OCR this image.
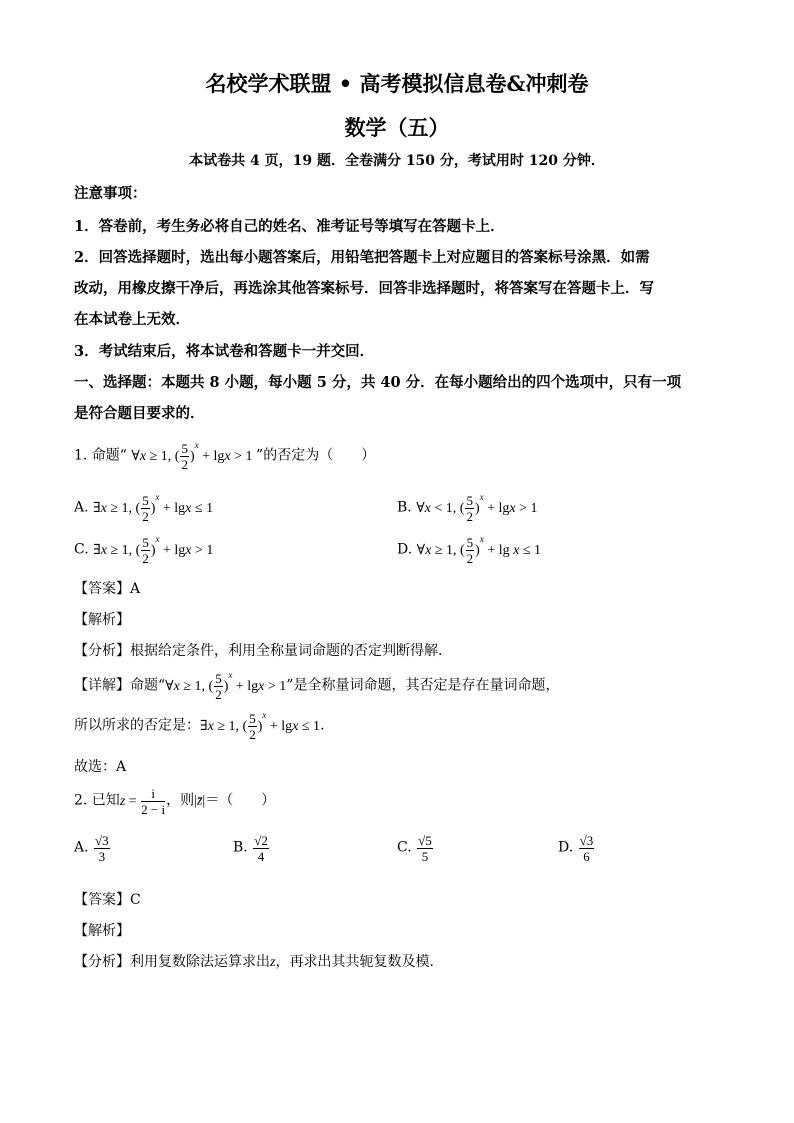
名校学术联盟 • 高考模拟信息卷&冲刺卷
数学（五）
本试卷共 4 页，19 题．全卷满分 150 分，考试用时 120 分钟．
注意事项：
1．答卷前，考生务必将自己的姓名、准考证号等填写在答题卡上．
2．回答选择题时，选出每小题答案后，用铅笔把答题卡上对应题目的答案标号涂黑．如需
改动，用橡皮擦干净后，再选涂其他答案标号．回答非选择题时，将答案写在答题卡上．写
在本试卷上无效．
3．考试结束后，将本试卷和答题卡一并交回．
一、选择题：本题共 8 小题，每小题 5 分，共 40 分．在每小题给出的四个选项中，只有一项
是符合题目要求的．
1. 命题“ ∀x ≥ 1, ( $\frac{5}{2} )^x + \lg x > 1$ ”的否定为（　　）
A. ∃x ≥ 1, ( $\frac{5}{2} )^x + \lg x \le 1$	B. ∀x < 1, ( $\frac{5}{2} )^x + \lg x > 1$
C. ∃x ≥ 1, ( $\frac{5}{2} )^x + \lg x > 1$	D. ∀x ≥ 1, ( $\frac{5}{2} )^x + \lg x \le 1$
【答案】A
【解析】
【分析】根据给定条件，利用全称量词命题的否定判断得解.
【详解】命题“∀x ≥ 1, ( $\frac{5}{2} )^x + \lg x > 1$”是全称量词命题，其否定是存在量词命题，
所以所求的否定是：∃x ≥ 1, ( $\frac{5}{2} )^x + \lg x \le 1$.
故选：A
2. 已知$z = \frac{i}{2 - i}$ ，则|z̄|＝（　　）
A. $\frac{√3}{3}$	B. $\frac{√2}{4}$	C. $\frac{√5}{5}$	D. $\frac{√3}{6}$
【答案】C
【解析】
【分析】利用复数除法运算求出z，再求出其共轭复数及模.
